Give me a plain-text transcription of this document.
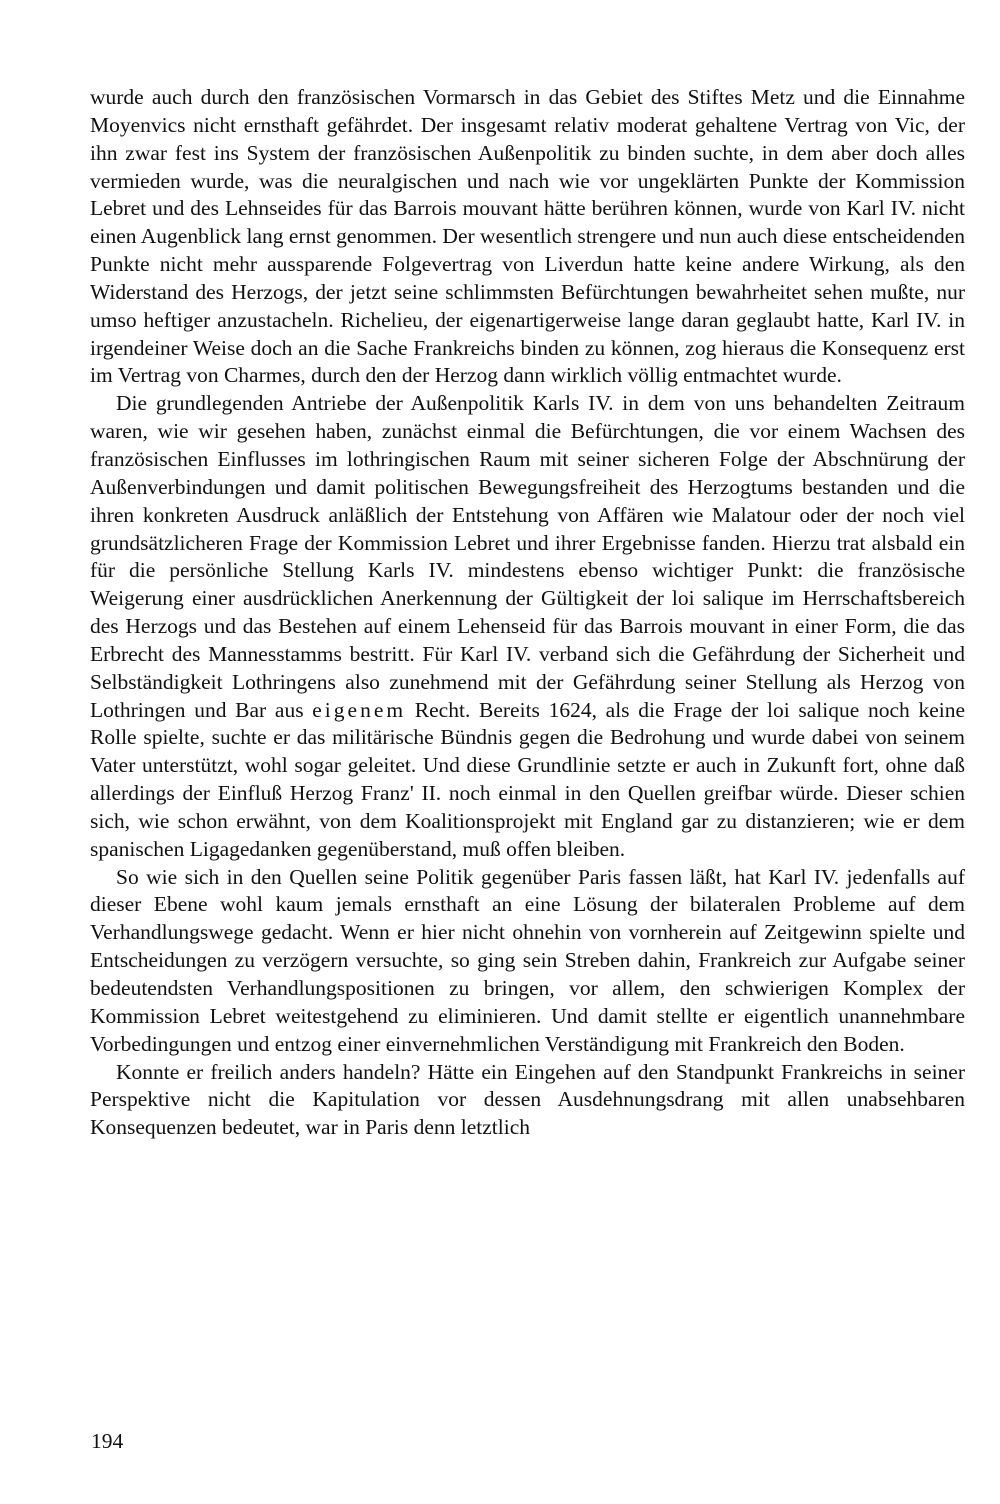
wurde auch durch den französischen Vormarsch in das Gebiet des Stiftes Metz und die Einnahme Moyenvics nicht ernsthaft gefährdet. Der insgesamt relativ moderat gehaltene Vertrag von Vic, der ihn zwar fest ins System der französischen Außenpolitik zu binden suchte, in dem aber doch alles vermieden wurde, was die neuralgischen und nach wie vor ungeklärten Punkte der Kommission Lebret und des Lehnseides für das Barrois mouvant hätte berühren können, wurde von Karl IV. nicht einen Augenblick lang ernst genommen. Der wesentlich strengere und nun auch diese entscheidenden Punkte nicht mehr aussparende Folgevertrag von Liverdun hatte keine andere Wirkung, als den Widerstand des Herzogs, der jetzt seine schlimmsten Befürchtungen bewahrheitet sehen mußte, nur umso heftiger anzustacheln. Richelieu, der eigenartigerweise lange daran geglaubt hatte, Karl IV. in irgendeiner Weise doch an die Sache Frankreichs binden zu können, zog hieraus die Konsequenz erst im Vertrag von Charmes, durch den der Herzog dann wirklich völlig entmachtet wurde.

Die grundlegenden Antriebe der Außenpolitik Karls IV. in dem von uns behandelten Zeitraum waren, wie wir gesehen haben, zunächst einmal die Befürchtungen, die vor einem Wachsen des französischen Einflusses im lothringischen Raum mit seiner sicheren Folge der Abschnürung der Außenverbindungen und damit politischen Bewegungsfreiheit des Herzogtums bestanden und die ihren konkreten Ausdruck anläßlich der Entstehung von Affären wie Malatour oder der noch viel grundsätzlicheren Frage der Kommission Lebret und ihrer Ergebnisse fanden. Hierzu trat alsbald ein für die persönliche Stellung Karls IV. mindestens ebenso wichtiger Punkt: die französische Weigerung einer ausdrücklichen Anerkennung der Gültigkeit der loi salique im Herrschaftsbereich des Herzogs und das Bestehen auf einem Lehenseid für das Barrois mouvant in einer Form, die das Erbrecht des Mannesstamms bestritt. Für Karl IV. verband sich die Gefährdung der Sicherheit und Selbständigkeit Lothringens also zunehmend mit der Gefährdung seiner Stellung als Herzog von Lothringen und Bar aus eigenem Recht. Bereits 1624, als die Frage der loi salique noch keine Rolle spielte, suchte er das militärische Bündnis gegen die Bedrohung und wurde dabei von seinem Vater unterstützt, wohl sogar geleitet. Und diese Grundlinie setzte er auch in Zukunft fort, ohne daß allerdings der Einfluß Herzog Franz' II. noch einmal in den Quellen greifbar würde. Dieser schien sich, wie schon erwähnt, von dem Koalitionsprojekt mit England gar zu distanzieren; wie er dem spanischen Ligagedanken gegenüberstand, muß offen bleiben.

So wie sich in den Quellen seine Politik gegenüber Paris fassen läßt, hat Karl IV. jedenfalls auf dieser Ebene wohl kaum jemals ernsthaft an eine Lösung der bilateralen Probleme auf dem Verhandlungswege gedacht. Wenn er hier nicht ohnehin von vornherein auf Zeitgewinn spielte und Entscheidungen zu verzögern versuchte, so ging sein Streben dahin, Frankreich zur Aufgabe seiner bedeutendsten Verhandlungspositionen zu bringen, vor allem, den schwierigen Komplex der Kommission Lebret weitestgehend zu eliminieren. Und damit stellte er eigentlich unannehmbare Vorbedingungen und entzog einer einvernehmlichen Verständigung mit Frankreich den Boden.

Konnte er freilich anders handeln? Hätte ein Eingehen auf den Standpunkt Frankreichs in seiner Perspektive nicht die Kapitulation vor dessen Ausdehnungsdrang mit allen unabsehbaren Konsequenzen bedeutet, war in Paris denn letztlich

194
